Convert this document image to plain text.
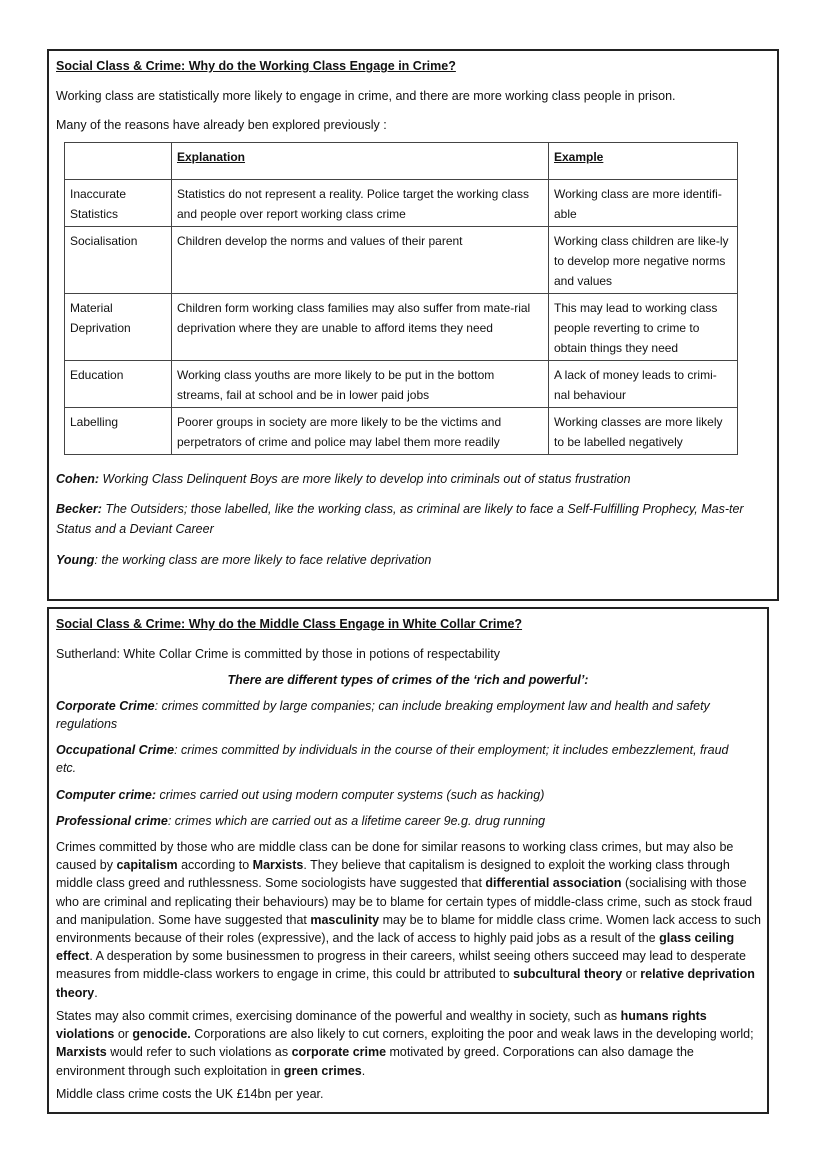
Social Class & Crime: Why do the Working Class Engage in Crime?
Working class are statistically more likely to engage in crime, and there are more working class people in prison.
Many of the reasons have already ben explored previously :
	Explanation	Example
Inaccurate Statistics	Statistics do not represent a reality. Police target the working class and people over report working class crime	Working class are more identifi-able
Socialisation	Children develop the norms and values of their parent	Working class children are like-ly to develop more negative norms and values
Material Deprivation	Children form working class families may also suffer from mate-rial deprivation where they are unable to afford items they need	This may lead to working class people reverting to crime to obtain things they need
Education	Working class youths are more likely to be put in the bottom streams, fail at school and be in lower paid jobs	A lack of money leads to crimi-nal behaviour
Labelling	Poorer groups in society are more likely to be the victims and perpetrators of crime and police may label them more readily	Working classes are more likely to be labelled negatively
Cohen: Working Class Delinquent Boys are more likely to develop into criminals out of status frustration
Becker: The Outsiders; those labelled, like the working class, as criminal are likely to face a Self-Fulfilling Prophecy, Mas-ter Status and a Deviant Career
Young: the working class are more likely to face relative deprivation
Social Class & Crime: Why do the Middle Class Engage in White Collar Crime?
Sutherland: White Collar Crime is committed by those in potions of respectability
There are different types of crimes of the ‘rich and powerful’:
Corporate Crime: crimes committed by large companies; can include breaking employment law and health and safety regulations
Occupational Crime: crimes committed by individuals in the course of their employment; it includes embezzlement, fraud etc.
Computer crime: crimes carried out using modern computer systems (such as hacking)
Professional crime: crimes which are carried out as a lifetime career 9e.g. drug running
Crimes committed by those who are middle class can be done for similar reasons to working class crimes, but may also be caused by capitalism according to Marxists. They believe that capitalism is designed to exploit the working class through middle class greed and ruthlessness. Some sociologists have suggested that differential association (socialising with those who are criminal and replicating their behaviours) may be to blame for certain types of middle-class crime, such as stock fraud and manipulation. Some have suggested that masculinity may be to blame for middle class crime. Women lack access to such environments because of their roles (expressive), and the lack of access to highly paid jobs as a result of the glass ceiling effect. A desperation by some businessmen to progress in their careers, whilst seeing others succeed may lead to desperate measures from middle-class workers to engage in crime, this could br attributed to subcultural theory or relative deprivation theory.
States may also commit crimes, exercising dominance of the powerful and wealthy in society, such as humans rights violations or genocide. Corporations are also likely to cut corners, exploiting the poor and weak laws in the developing world; Marxists would refer to such violations as corporate crime motivated by greed. Corporations can also damage the environment through such exploitation in green crimes.
Middle class crime costs the UK £14bn per year.
